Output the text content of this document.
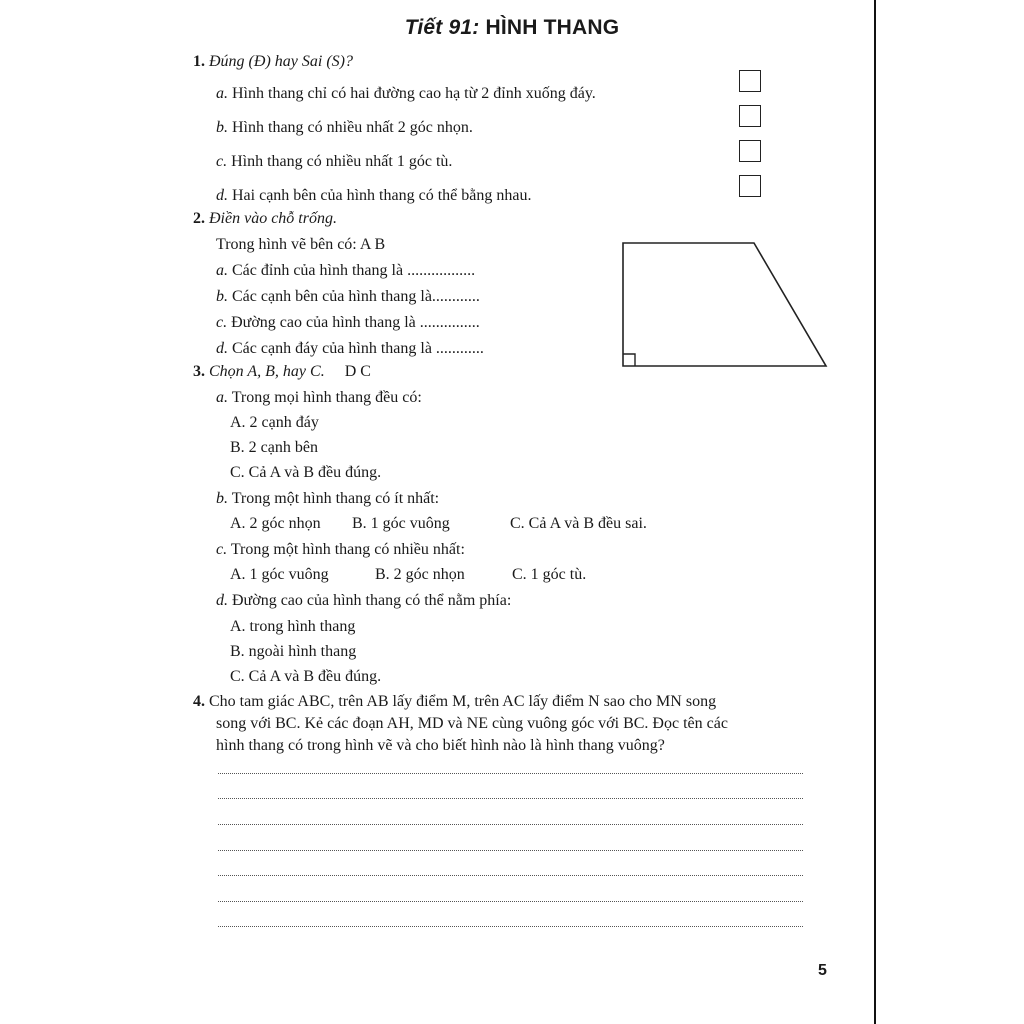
Tiết 91: HÌNH THANG
1. Đúng (Đ) hay Sai (S)?
a. Hình thang chỉ có hai đường cao hạ từ 2 đỉnh xuống đáy.
b. Hình thang có nhiều nhất 2 góc nhọn.
c. Hình thang có nhiều nhất 1 góc tù.
d. Hai cạnh bên của hình thang có thể bằng nhau.
2. Điền vào chỗ trống.
Trong hình vẽ bên có: A B
a. Các đỉnh của hình thang là .................
b. Các cạnh bên của hình thang là............
c. Đường cao của hình thang là ...............
d. Các cạnh đáy của hình thang là ............
3. Chọn A, B, hay C. D C
a. Trong mọi hình thang đều có:
A. 2 cạnh đáy
B. 2 cạnh bên
C. Cả A và B đều đúng.
b. Trong một hình thang có ít nhất:
A. 2 góc nhọn B. 1 góc vuông	C. Cả A và B đều sai.
c. Trong một hình thang có nhiều nhất:
A. 1 góc vuông	B. 2 góc nhọn	C. 1 góc tù.
d. Đường cao của hình thang có thể nằm phía:
A. trong hình thang
B. ngoài hình thang
C. Cả A và B đều đúng.
4. Cho tam giác ABC, trên AB lấy điểm M, trên AC lấy điểm N sao cho MN song
song với BC. Kẻ các đoạn AH, MD và NE cùng vuông góc với BC. Đọc tên các
hình thang có trong hình vẽ và cho biết hình nào là hình thang vuông?
5
